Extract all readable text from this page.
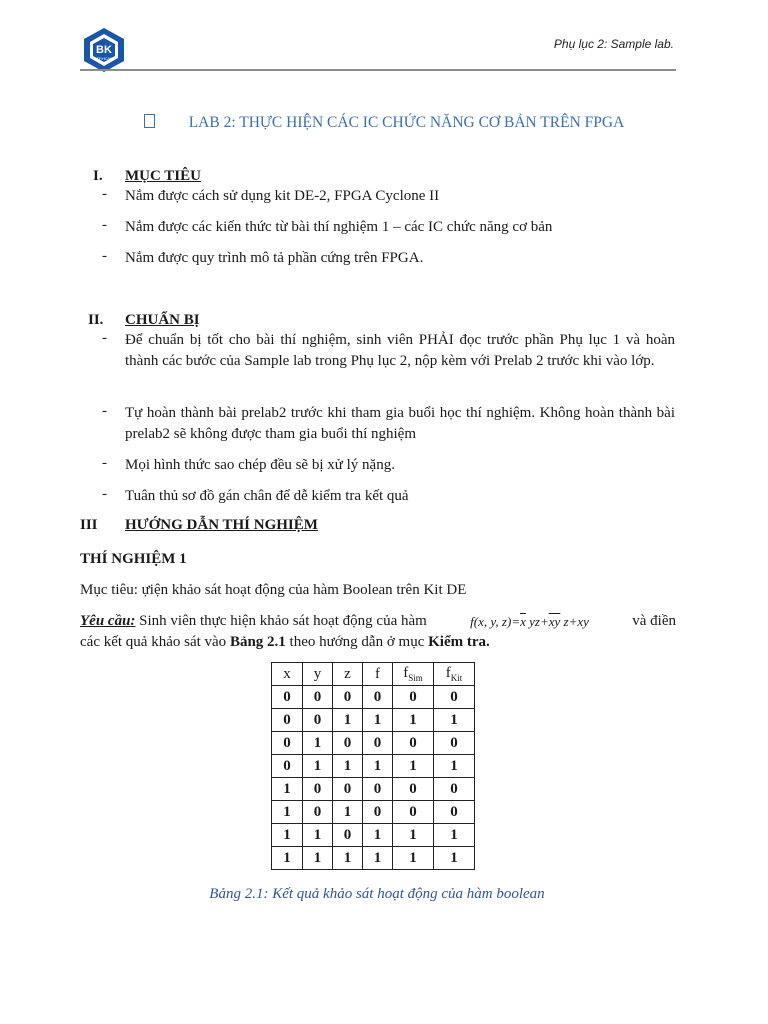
BK
TP.HCM
Phụ lục 2: Sample lab.
LAB 2: THỰC HIỆN CÁC IC CHỨC NĂNG CƠ BẢN TRÊN FPGA
I. MỤC TIÊU
- Nắm được cách sử dụng kit DE-2, FPGA Cyclone II
- Nắm được các kiến thức từ bài thí nghiệm 1 – các IC chức năng cơ bản
- Nắm được quy trình mô tả phần cứng trên FPGA.
II. CHUẨN BỊ
- Để chuẩn bị tốt cho bài thí nghiệm, sinh viên PHẢI đọc trước phần Phụ lục 1 và hoàn thành các bước của Sample lab trong Phụ lục 2, nộp kèm với Prelab 2 trước khi vào lớp.
- Tự hoàn thành bài prelab2 trước khi tham gia buổi học thí nghiệm. Không hoàn thành bài prelab2 sẽ không được tham gia buổi thí nghiệm
- Mọi hình thức sao chép đều sẽ bị xử lý nặng.
- Tuân thủ sơ đồ gán chân để dễ kiểm tra kết quả
III HƯỚNG DẪN THÍ NGHIỆM
THÍ NGHIỆM 1
Mục tiêu: ựiện khảo sát hoạt động của hàm Boolean trên Kit DE
Yêu cầu: Sinh viên thực hiện khảo sát hoạt động của hàm	f(x, y, $z)=\overline{x}$ $yz+\overline{xy}$ z+xy	và điền
các kết quả khảo sát vào Bảng 2.1 theo hướng dẫn ở mục Kiểm tra.
x	y	z	f	$f_{Sim}$	$f_{Kit}$
0	0	0	0	0	0
0	0	1	1	1	1
0	1	0	0	0	0
0	1	1	1	1	1
1	0	0	0	0	0
1	0	1	0	0	0
1	1	0	1	1	1
1	1	1	1	1	1
Bảng 2.1: Kết quả khảo sát hoạt động của hàm boolean
